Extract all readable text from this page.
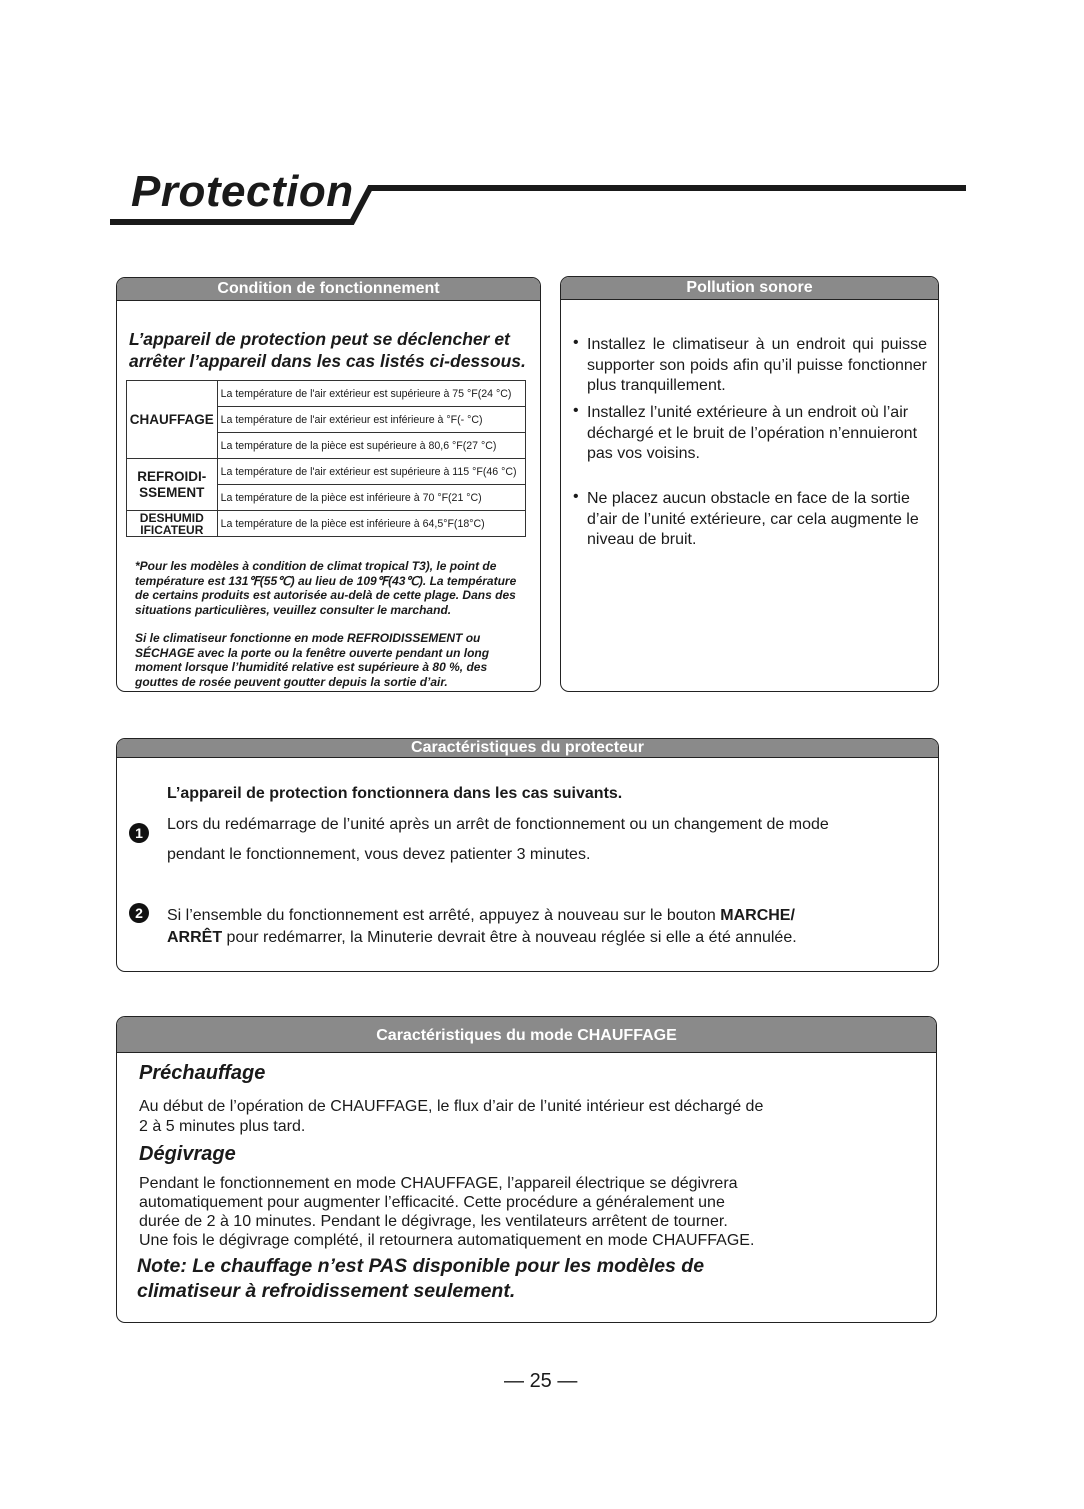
Protection
Condition de fonctionnement
L’appareil de protection peut se déclencher et arrêter l’appareil dans les cas listés ci-dessous.
CHAUFFAGE	La température de l'air extérieur est supérieure à 75 °F(24 °C)
	La température de l'air extérieur est inférieure à °F(- °C)
	La température de la pièce est supérieure à 80,6 °F(27 °C)

REFROIDI-
SSEMENT	La température de l'air extérieur est supérieure à 115 °F(46 °C)
	La température de la pièce est inférieure à 70 °F(21 °C)

DESHUMID
IFICATEUR	La température de la pièce est inférieure à 64,5°F(18°C)
*Pour les modèles à condition de climat tropical T3), le point de température est 131℉(55℃) au lieu de 109℉(43℃). La température de certains produits est autorisée au-delà de cette plage. Dans des situations particulières, veuillez consulter le marchand.
Si le climatiseur fonctionne en mode REFROIDISSEMENT ou SÉCHAGE avec la porte ou la fenêtre ouverte pendant un long moment lorsque l’humidité relative est supérieure à 80 %, des gouttes de rosée peuvent goutter depuis la sortie d’air.
Pollution sonore
• Installez le climatiseur à un endroit qui puisse supporter son poids afin qu’il puisse fonctionner plus tranquillement.
• Installez l’unité extérieure à un endroit où l’air déchargé et le bruit de l’opération n’ennuieront pas vos voisins.
• Ne placez aucun obstacle en face de la sortie d’air de l’unité extérieure, car cela augmente le niveau de bruit.
Caractéristiques du protecteur
L’appareil de protection fonctionnera dans les cas suivants.
1	Lors du redémarrage de l’unité après un arrêt de fonctionnement ou un changement de mode
pendant le fonctionnement, vous devez patienter 3 minutes.
2	Si l’ensemble du fonctionnement est arrêté, appuyez à nouveau sur le bouton MARCHE/
ARRÊT pour redémarrer, la Minuterie devrait être à nouveau réglée si elle a été annulée.
Caractéristiques du mode CHAUFFAGE
Préchauffage
Au début de l’opération de CHAUFFAGE, le flux d’air de l’unité intérieur est déchargé de
2 à 5 minutes plus tard.
Dégivrage
Pendant le fonctionnement en mode CHAUFFAGE, l’appareil électrique se dégivrera
automatiquement pour augmenter l’efficacité. Cette procédure a généralement une
durée de 2 à 10 minutes. Pendant le dégivrage, les ventilateurs arrêtent de tourner.
Une fois le dégivrage complété, il retournera automatiquement en mode CHAUFFAGE.
Note: Le chauffage n’est PAS disponible pour les modèles de
climatiseur à refroidissement seulement.
— 25 —
